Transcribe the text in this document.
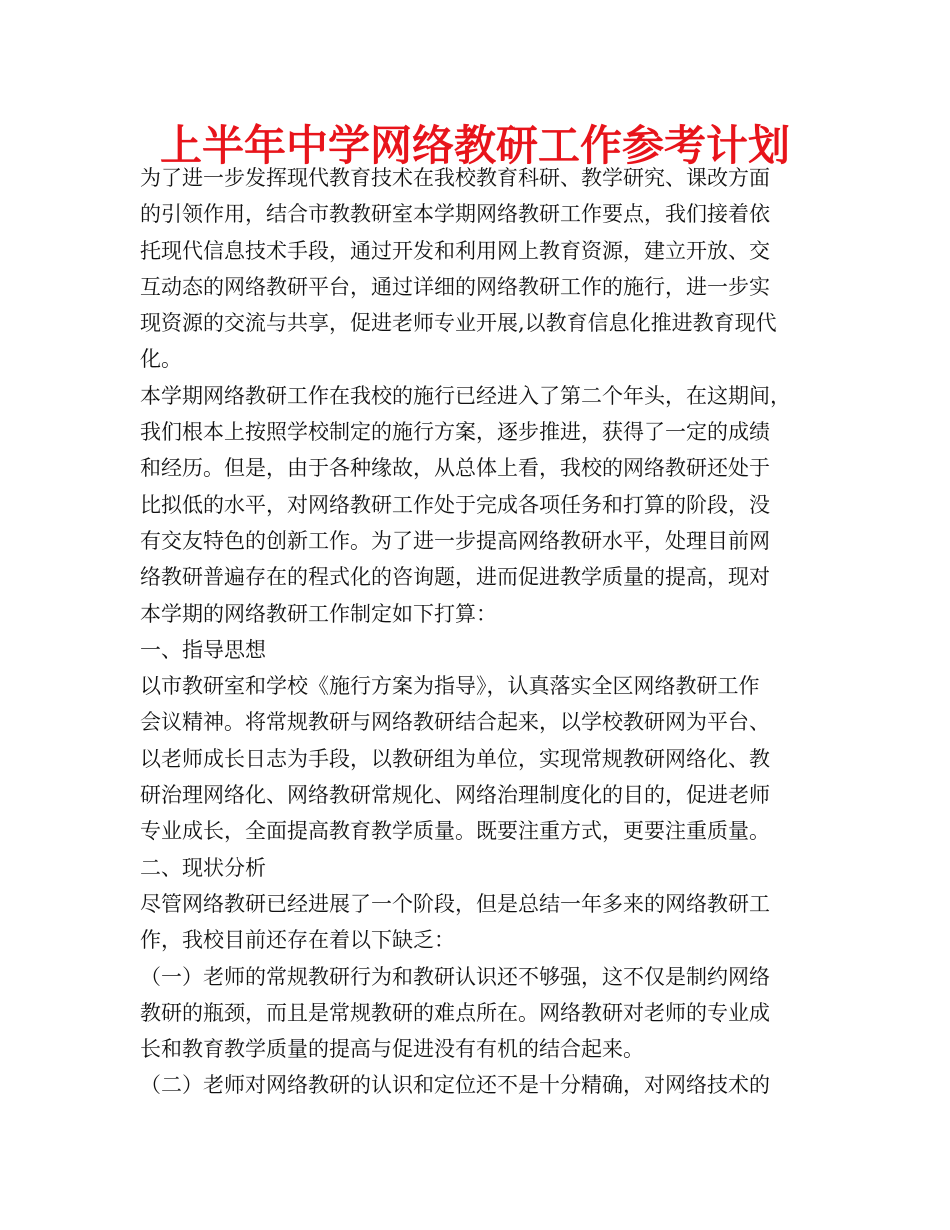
上半年中学网络教研工作参考计划
为了进一步发挥现代教育技术在我校教育科研、教学研究、课改方面
的引领作用，结合市教教研室本学期网络教研工作要点，我们接着依
托现代信息技术手段，通过开发和利用网上教育资源，建立开放、交
互动态的网络教研平台，通过详细的网络教研工作的施行，进一步实
现资源的交流与共享，促进老师专业开展,以教育信息化推进教育现代
化。
本学期网络教研工作在我校的施行已经进入了第二个年头，在这期间，
我们根本上按照学校制定的施行方案，逐步推进，获得了一定的成绩
和经历。但是，由于各种缘故，从总体上看，我校的网络教研还处于
比拟低的水平，对网络教研工作处于完成各项任务和打算的阶段，没
有交友特色的创新工作。为了进一步提高网络教研水平，处理目前网
络教研普遍存在的程式化的咨询题，进而促进教学质量的提高，现对
本学期的网络教研工作制定如下打算：
一、指导思想
以市教研室和学校《施行方案为指导》，认真落实全区网络教研工作
会议精神。将常规教研与网络教研结合起来，以学校教研网为平台、
以老师成长日志为手段，以教研组为单位，实现常规教研网络化、教
研治理网络化、网络教研常规化、网络治理制度化的目的，促进老师
专业成长，全面提高教育教学质量。既要注重方式，更要注重质量。
二、现状分析
尽管网络教研已经进展了一个阶段，但是总结一年多来的网络教研工
作，我校目前还存在着以下缺乏：
（一）老师的常规教研行为和教研认识还不够强，这不仅是制约网络
教研的瓶颈，而且是常规教研的难点所在。网络教研对老师的专业成
长和教育教学质量的提高与促进没有有机的结合起来。
（二）老师对网络教研的认识和定位还不是十分精确，对网络技术的
